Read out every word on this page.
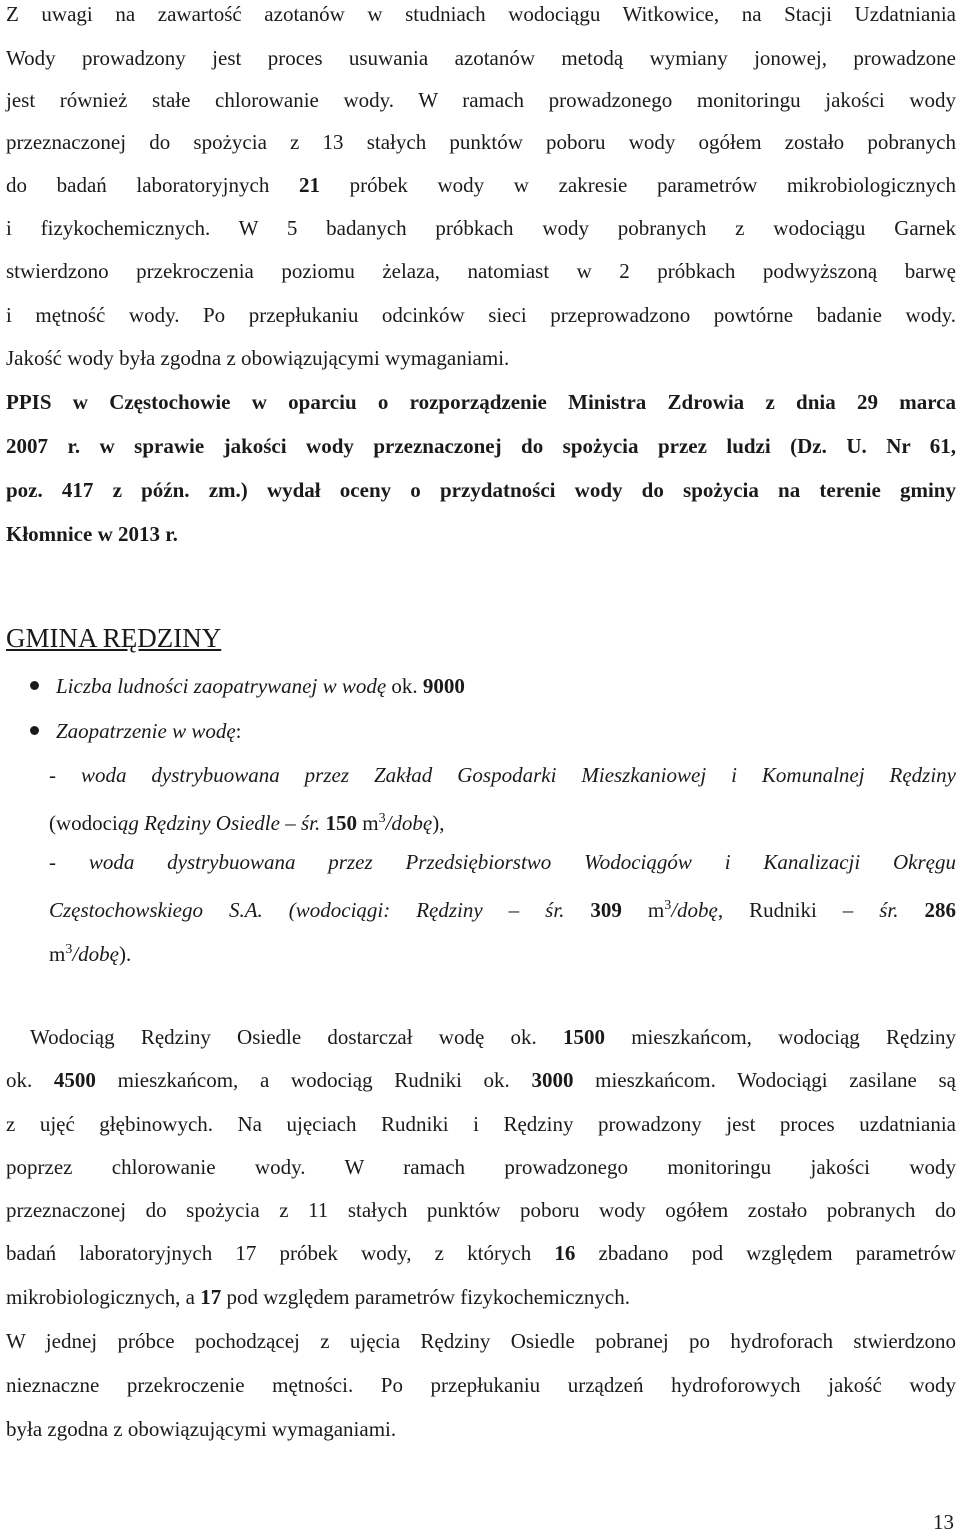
Z uwagi na zawartość azotanów w studniach wodociągu Witkowice, na Stacji Uzdatniania
Wody prowadzony jest proces usuwania azotanów metodą wymiany jonowej, prowadzone
jest również stałe chlorowanie wody. W ramach prowadzonego monitoringu jakości wody
przeznaczonej do spożycia z 13 stałych punktów poboru wody ogółem zostało pobranych
do badań laboratoryjnych 21 próbek wody w zakresie parametrów mikrobiologicznych
i fizykochemicznych. W 5 badanych próbkach wody pobranych z wodociągu Garnek
stwierdzono przekroczenia poziomu żelaza, natomiast w 2 próbkach podwyższoną barwę
i mętność wody. Po przepłukaniu odcinków sieci przeprowadzono powtórne badanie wody.
Jakość wody była zgodna z obowiązującymi wymaganiami.
PPIS w Częstochowie w oparciu o rozporządzenie Ministra Zdrowia z dnia 29 marca
2007 r. w sprawie jakości wody przeznaczonej do spożycia przez ludzi (Dz. U. Nr 61,
poz. 417 z późn. zm.) wydał oceny o przydatności wody do spożycia na terenie gminy
Kłomnice w 2013 r.
GMINA RĘDZINY
Liczba ludności zaopatrywanej w wodę ok. 9000
Zaopatrzenie w wodę:
- woda dystrybuowana przez Zakład Gospodarki Mieszkaniowej i Komunalnej Rędziny
(wodociąg Rędziny Osiedle – śr. 150 $m^3/dobę$),
- woda dystrybuowana przez Przedsiębiorstwo Wodociągów i Kanalizacji Okręgu
Częstochowskiego S.A. (wodociągi: Rędziny – śr. 309 $m^3$/dobę, Rudniki – śr. 286
$m^3/dobę$).
Wodociąg Rędziny Osiedle dostarczał wodę ok. 1500 mieszkańcom, wodociąg Rędziny
ok. 4500 mieszkańcom, a wodociąg Rudniki ok. 3000 mieszkańcom. Wodociągi zasilane są
z ujęć głębinowych. Na ujęciach Rudniki i Rędziny prowadzony jest proces uzdatniania
poprzez chlorowanie wody. W ramach prowadzonego monitoringu jakości wody
przeznaczonej do spożycia z 11 stałych punktów poboru wody ogółem zostało pobranych do
badań laboratoryjnych 17 próbek wody, z których 16 zbadano pod względem parametrów
mikrobiologicznych, a 17 pod względem parametrów fizykochemicznych.
W jednej próbce pochodzącej z ujęcia Rędziny Osiedle pobranej po hydroforach stwierdzono
nieznaczne przekroczenie mętności. Po przepłukaniu urządzeń hydroforowych jakość wody
była zgodna z obowiązującymi wymaganiami.
13
